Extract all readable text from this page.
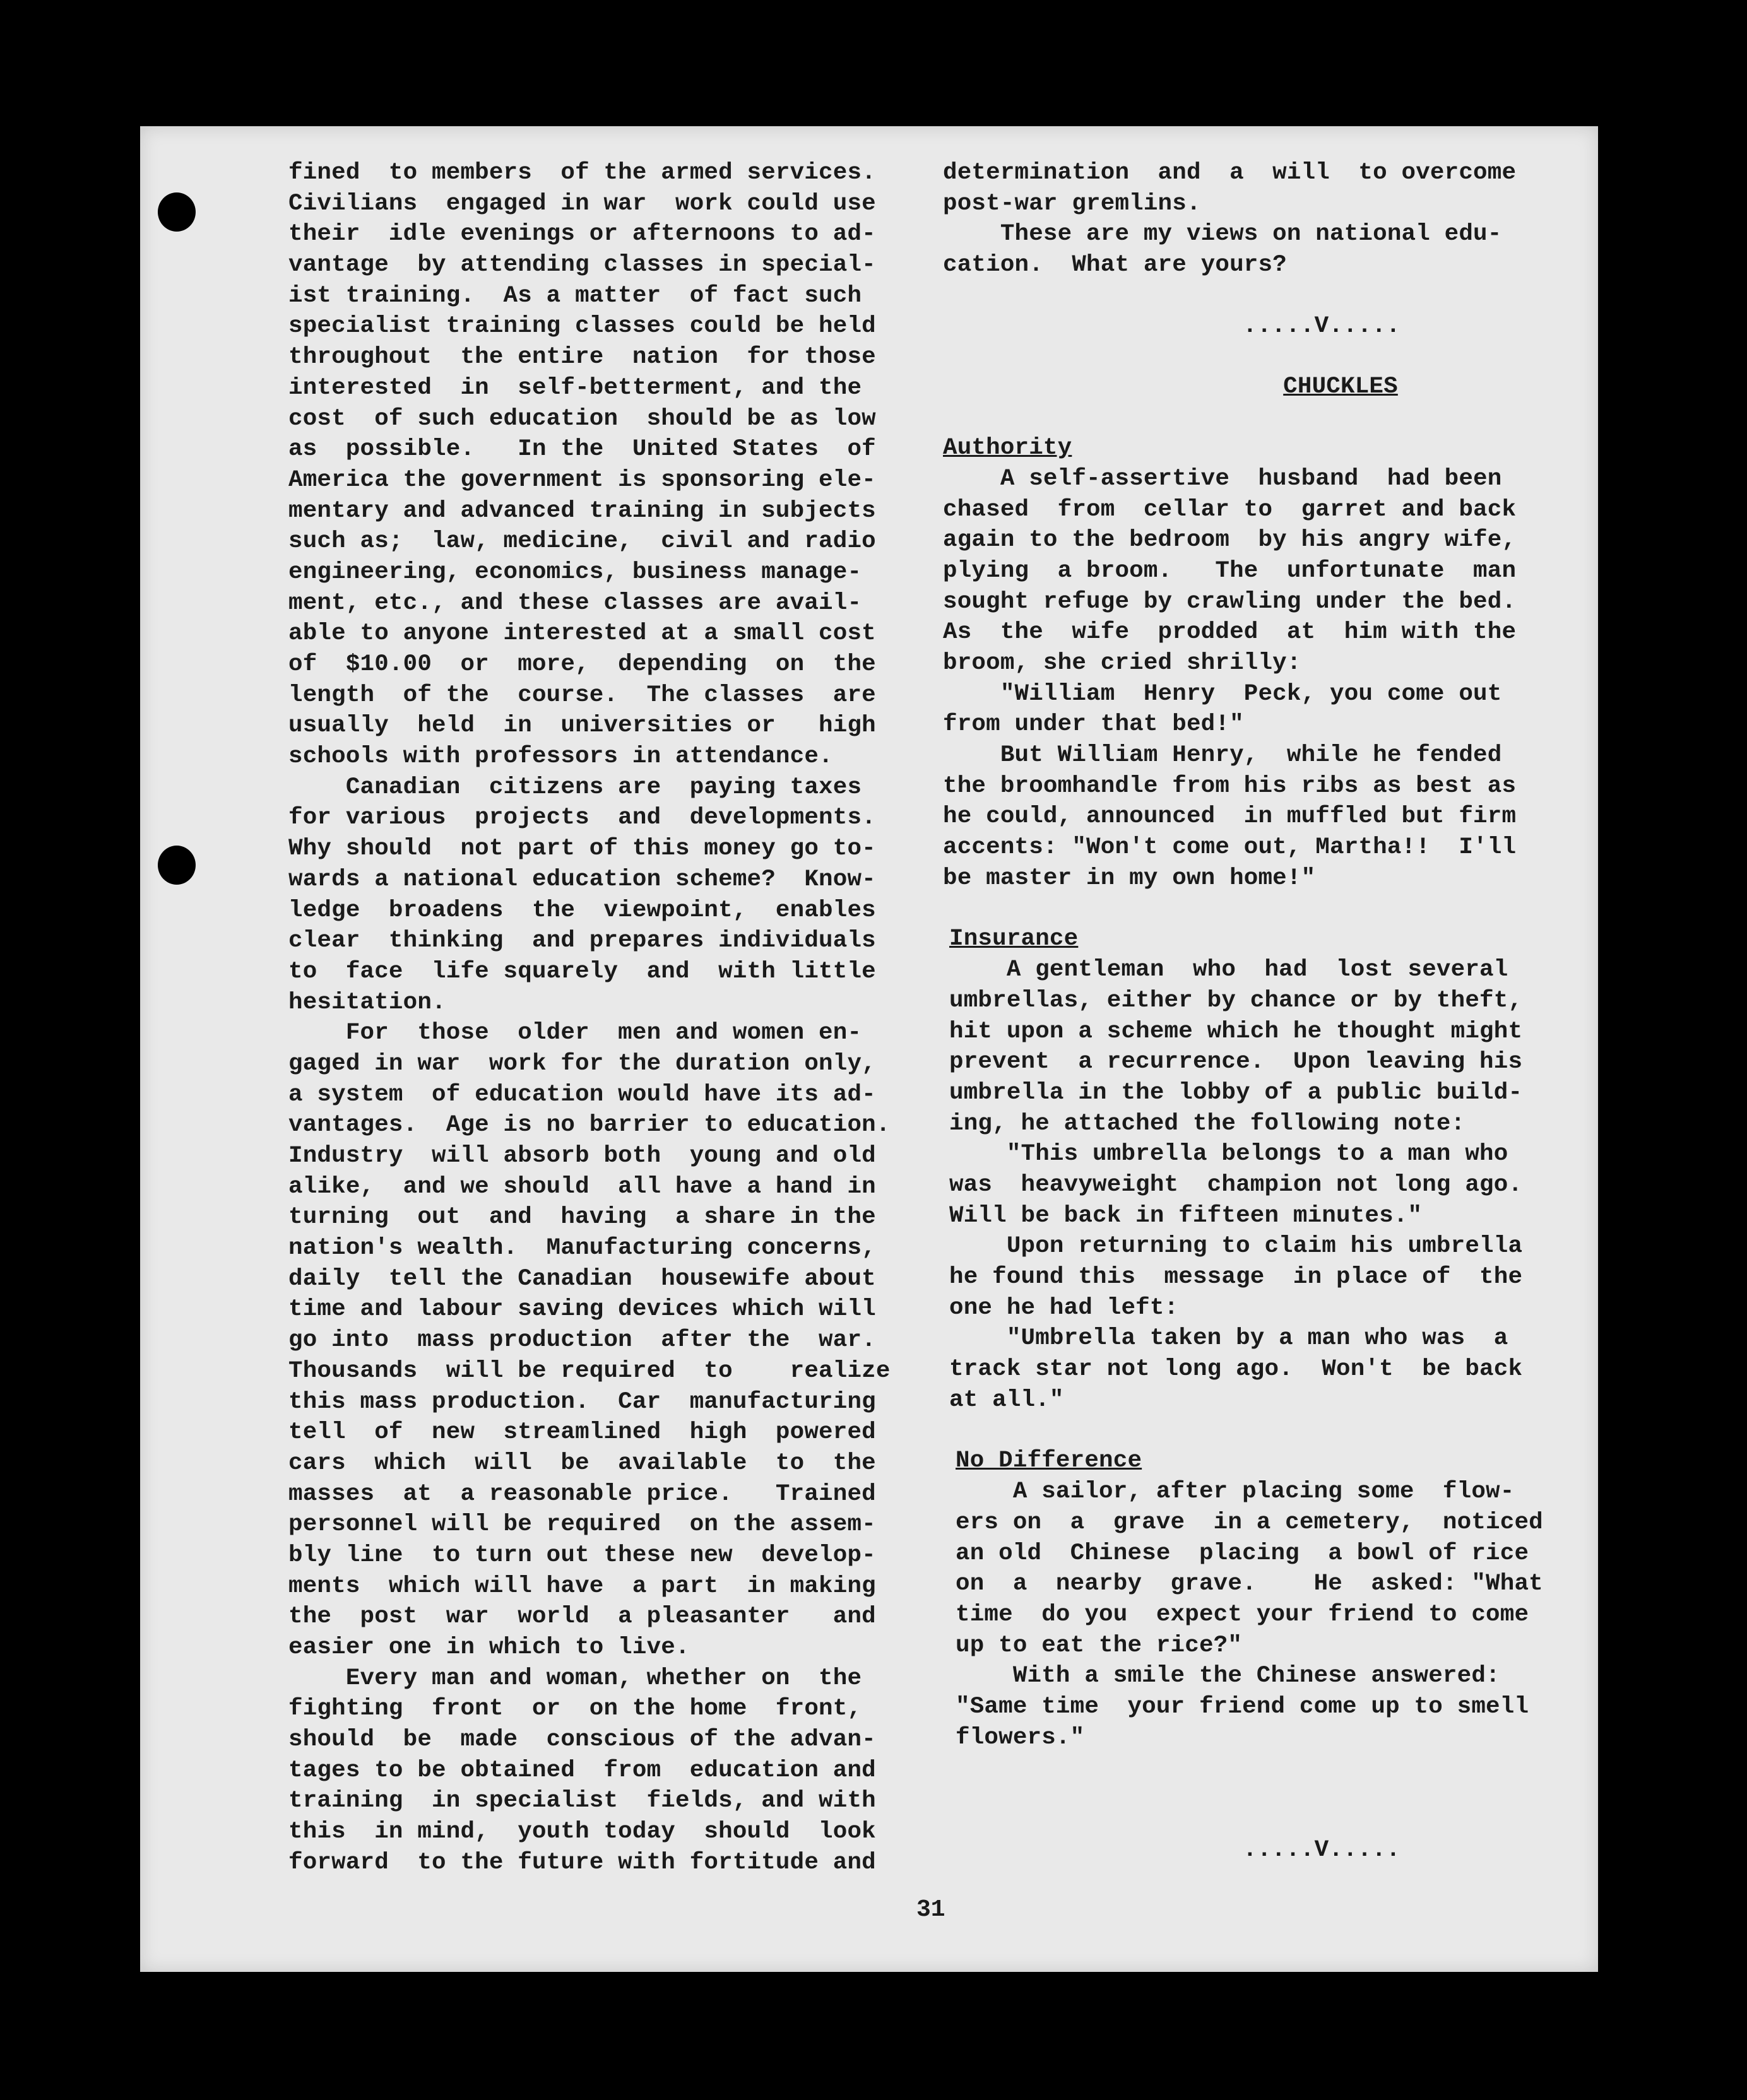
fined  to members  of the armed services.
Civilians  engaged in war  work could use
their  idle evenings or afternoons to ad-
vantage  by attending classes in special-
ist training.  As a matter  of fact such
specialist training classes could be held
throughout  the entire  nation  for those
interested  in  self-betterment, and the
cost  of such education  should be as low
as  possible.   In the  United States  of
America the government is sponsoring ele-
mentary and advanced training in subjects
such as;  law, medicine,  civil and radio
engineering, economics, business manage-
ment, etc., and these classes are avail-
able to anyone interested at a small cost
of  $10.00  or  more,  depending  on  the
length  of the  course.  The classes  are
usually  held  in  universities or   high
schools with professors in attendance.
Canadian  citizens are  paying taxes
for various  projects  and  developments.
Why should  not part of this money go to-
wards a national education scheme?  Know-
ledge  broadens  the  viewpoint,  enables
clear  thinking  and prepares individuals
to  face  life squarely  and  with little
hesitation.
For  those  older  men and women en-
gaged in war  work for the duration only,
a system  of education would have its ad-
vantages.  Age is no barrier to education.
Industry  will absorb both  young and old
alike,  and we should  all have a hand in
turning  out  and  having  a share in the
nation's wealth.  Manufacturing concerns,
daily  tell the Canadian  housewife about
time and labour saving devices which will
go into  mass production  after the  war.
Thousands  will be required  to    realize
this mass production.  Car  manufacturing
tell  of  new  streamlined  high  powered
cars  which  will  be  available  to  the
masses  at  a reasonable price.   Trained
personnel will be required  on the assem-
bly line  to turn out these new  develop-
ments  which will have  a part  in making
the  post  war  world  a pleasanter   and
easier one in which to live.
Every man and woman, whether on  the
fighting  front  or  on the home  front,
should  be  made  conscious of the advan-
tages to be obtained  from  education and
training  in specialist  fields, and with
this  in mind,  youth today  should  look
forward  to the future with fortitude and
determination  and  a  will  to overcome
post-war gremlins.
These are my views on national edu-
cation.  What are yours?
.....V.....
CHUCKLES
Authority
A self-assertive  husband  had been
chased  from  cellar to  garret and back
again to the bedroom  by his angry wife,
plying  a broom.   The  unfortunate  man
sought refuge by crawling under the bed.
As  the  wife  prodded  at  him with the
broom, she cried shrilly:
"William  Henry  Peck, you come out
from under that bed!"
But William Henry,  while he fended
the broomhandle from his ribs as best as
he could, announced  in muffled but firm
accents: "Won't come out, Martha!!  I'll
be master in my own home!"
Insurance
A gentleman  who  had  lost several
umbrellas, either by chance or by theft,
hit upon a scheme which he thought might
prevent  a recurrence.  Upon leaving his
umbrella in the lobby of a public build-
ing, he attached the following note:
"This umbrella belongs to a man who
was  heavyweight  champion not long ago.
Will be back in fifteen minutes."
Upon returning to claim his umbrella
he found this  message  in place of  the
one he had left:
"Umbrella taken by a man who was  a
track star not long ago.  Won't  be back
at all."
No Difference
A sailor, after placing some  flow-
ers on  a  grave  in a cemetery,  noticed
an old  Chinese  placing  a bowl of rice
on  a  nearby  grave.    He  asked: "What
time  do you  expect your friend to come
up to eat the rice?"
With a smile the Chinese answered:
"Same time  your friend come up to smell
flowers."
.....V.....
31
